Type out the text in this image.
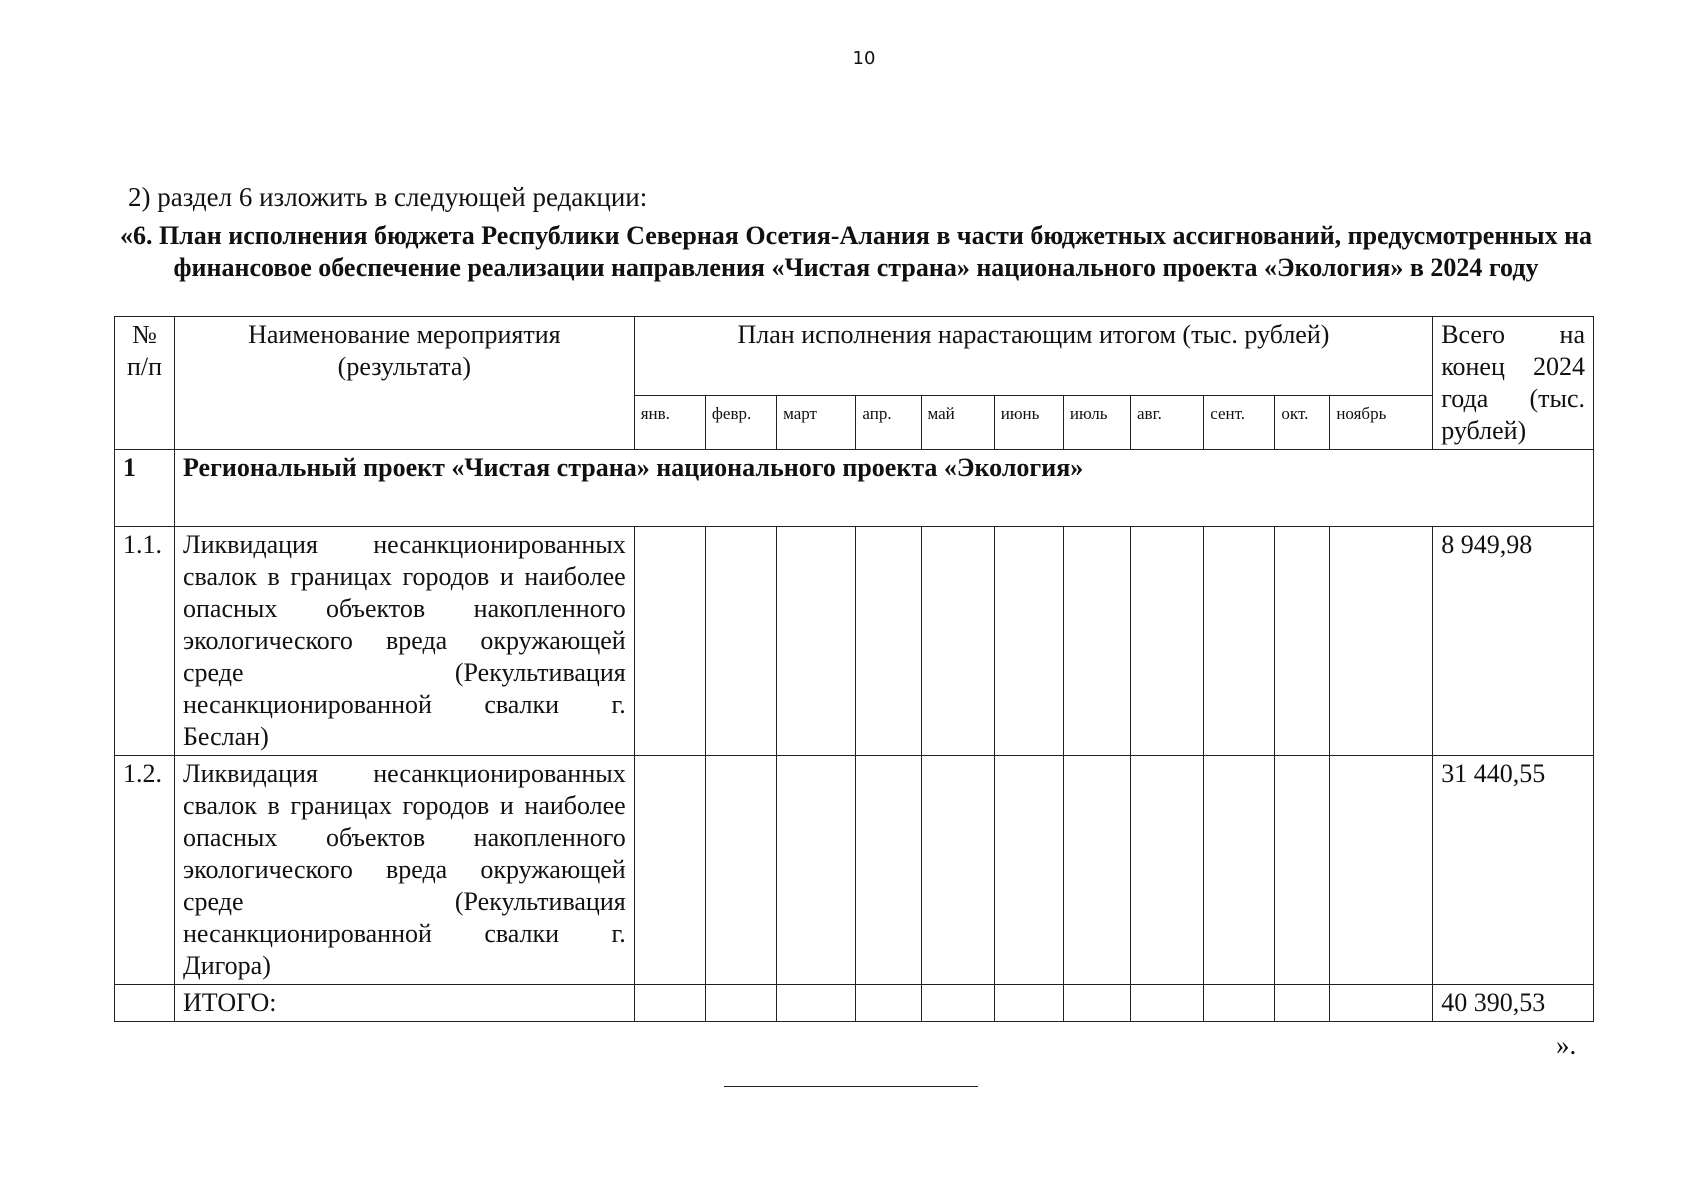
10
2) раздел 6 изложить в следующей редакции:
«6. План исполнения бюджета Республики Северная Осетия-Алания в части бюджетных ассигнований, предусмотренных на финансовое обеспечение реализации направления «Чистая страна» национального проекта «Экология» в 2024 году
№ п/п	Наименование мероприятия (результата)	План исполнения нарастающим итогом (тыс. рублей)											Всего на
конец 2024
года (тыс.
рублей)

		янв.	февр.	март	апр.	май	июнь	июль	авг.	сент.	окт.	ноябрь	
1	Региональный проект «Чистая страна» национального проекта «Экология»												
1.1.	Ликвидация несанкционированных свалок в границах городов и наиболее опасных объектов накопленного экологического вреда окружающей среде (Рекультивация несанкционированной свалки г. Беслан)												8 949,98
1.2.	Ликвидация несанкционированных свалок в границах городов и наиболее опасных объектов накопленного экологического вреда окружающей среде (Рекультивация несанкционированной свалки г. Дигора)												31 440,55
	ИТОГО:												40 390,53
».
